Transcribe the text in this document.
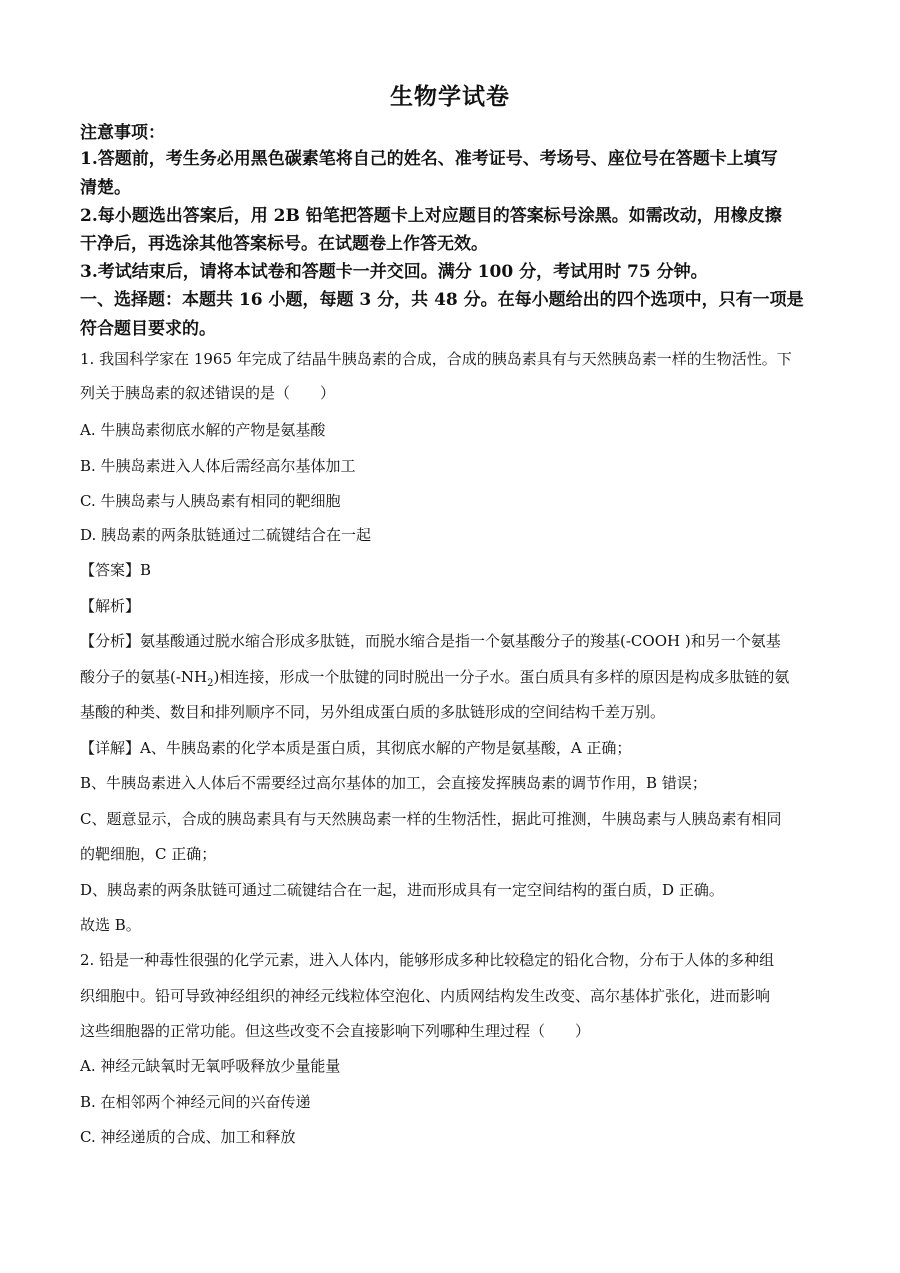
生物学试卷
注意事项：
1.答题前，考生务必用黑色碳素笔将自己的姓名、准考证号、考场号、座位号在答题卡上填写
清楚。
2.每小题选出答案后，用 2B 铅笔把答题卡上对应题目的答案标号涂黑。如需改动，用橡皮擦
干净后，再选涂其他答案标号。在试题卷上作答无效。
3.考试结束后，请将本试卷和答题卡一并交回。满分 100 分，考试用时 75 分钟。
一、选择题：本题共 16 小题，每题 3 分，共 48 分。在每小题给出的四个选项中，只有一项是
符合题目要求的。
1. 我国科学家在 1965 年完成了结晶牛胰岛素的合成，合成的胰岛素具有与天然胰岛素一样的生物活性。下
列关于胰岛素的叙述错误的是（　　）
A. 牛胰岛素彻底水解的产物是氨基酸
B. 牛胰岛素进入人体后需经高尔基体加工
C. 牛胰岛素与人胰岛素有相同的靶细胞
D. 胰岛素的两条肽链通过二硫键结合在一起
【答案】B
【解析】
【分析】氨基酸通过脱水缩合形成多肽链，而脱水缩合是指一个氨基酸分子的羧基(-COOH )和另一个氨基
酸分子的氨基$(-NH_2)$相连接，形成一个肽键的同时脱出一分子水。蛋白质具有多样的原因是构成多肽链的氨
基酸的种类、数目和排列顺序不同，另外组成蛋白质的多肽链形成的空间结构千差万别。
【详解】A、牛胰岛素的化学本质是蛋白质，其彻底水解的产物是氨基酸，A 正确；
B、牛胰岛素进入人体后不需要经过高尔基体的加工，会直接发挥胰岛素的调节作用，B 错误；
C、题意显示，合成的胰岛素具有与天然胰岛素一样的生物活性，据此可推测，牛胰岛素与人胰岛素有相同
的靶细胞，C 正确；
D、胰岛素的两条肽链可通过二硫键结合在一起，进而形成具有一定空间结构的蛋白质，D 正确。
故选 B。
2. 铅是一种毒性很强的化学元素，进入人体内，能够形成多种比较稳定的铅化合物，分布于人体的多种组
织细胞中。铅可导致神经组织的神经元线粒体空泡化、内质网结构发生改变、高尔基体扩张化，进而影响
这些细胞器的正常功能。但这些改变不会直接影响下列哪种生理过程（　　）
A. 神经元缺氧时无氧呼吸释放少量能量
B. 在相邻两个神经元间的兴奋传递
C. 神经递质的合成、加工和释放
